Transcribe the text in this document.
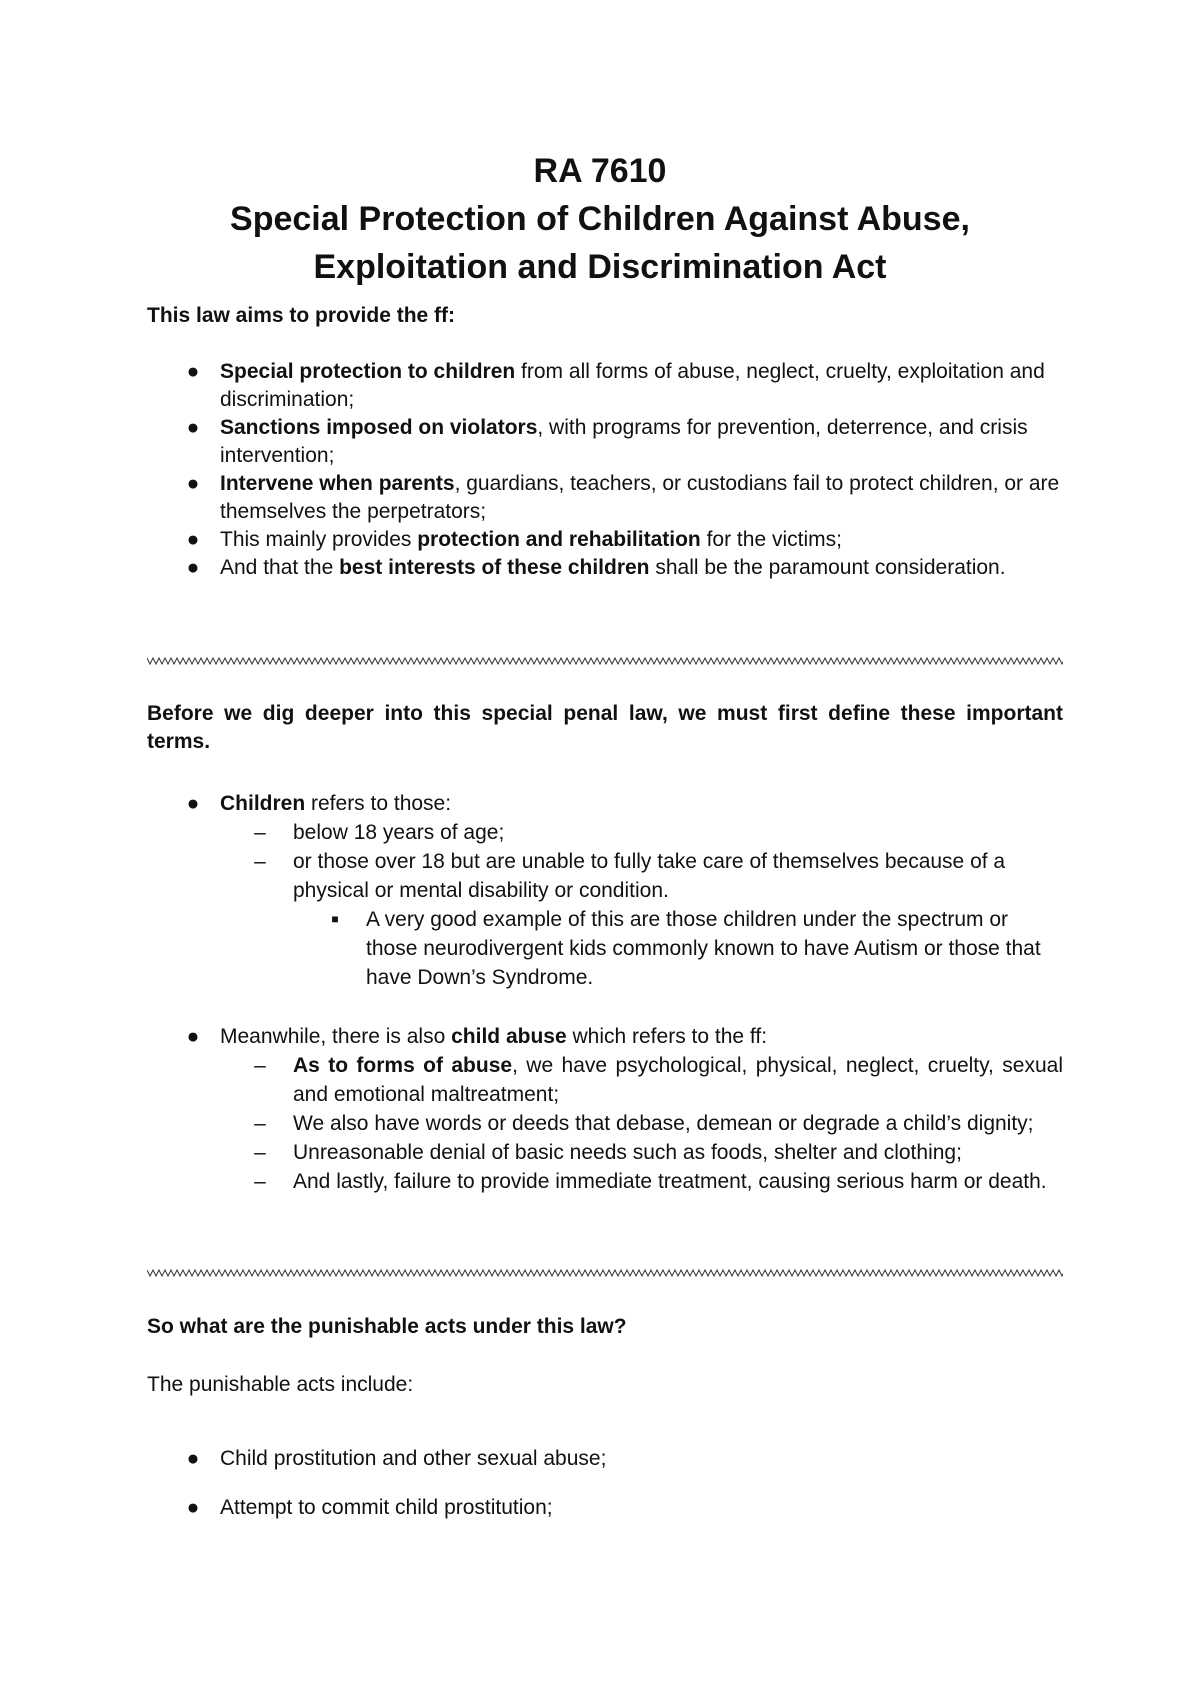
RA 7610
Special Protection of Children Against Abuse,
Exploitation and Discrimination Act
This law aims to provide the ff:
● Special protection to children from all forms of abuse, neglect, cruelty, exploitation and discrimination;
● Sanctions imposed on violators, with programs for prevention, deterrence, and crisis intervention;
● Intervene when parents, guardians, teachers, or custodians fail to protect children, or are themselves the perpetrators;
● This mainly provides protection and rehabilitation for the victims;
● And that the best interests of these children shall be the paramount consideration.
Before we dig deeper into this special penal law, we must first define these important terms.
● Children refers to those:
– below 18 years of age;
– or those over 18 but are unable to fully take care of themselves because of a physical or mental disability or condition.
■	A very good example of this are those children under the spectrum or those neurodivergent kids commonly known to have Autism or those that have Down’s Syndrome.
● Meanwhile, there is also child abuse which refers to the ff:
– As to forms of abuse, we have psychological, physical, neglect, cruelty, sexual and emotional maltreatment;
– We also have words or deeds that debase, demean or degrade a child’s dignity;
– Unreasonable denial of basic needs such as foods, shelter and clothing;
– And lastly, failure to provide immediate treatment, causing serious harm or death.
So what are the punishable acts under this law?
The punishable acts include:
● Child prostitution and other sexual abuse;
● Attempt to commit child prostitution;
